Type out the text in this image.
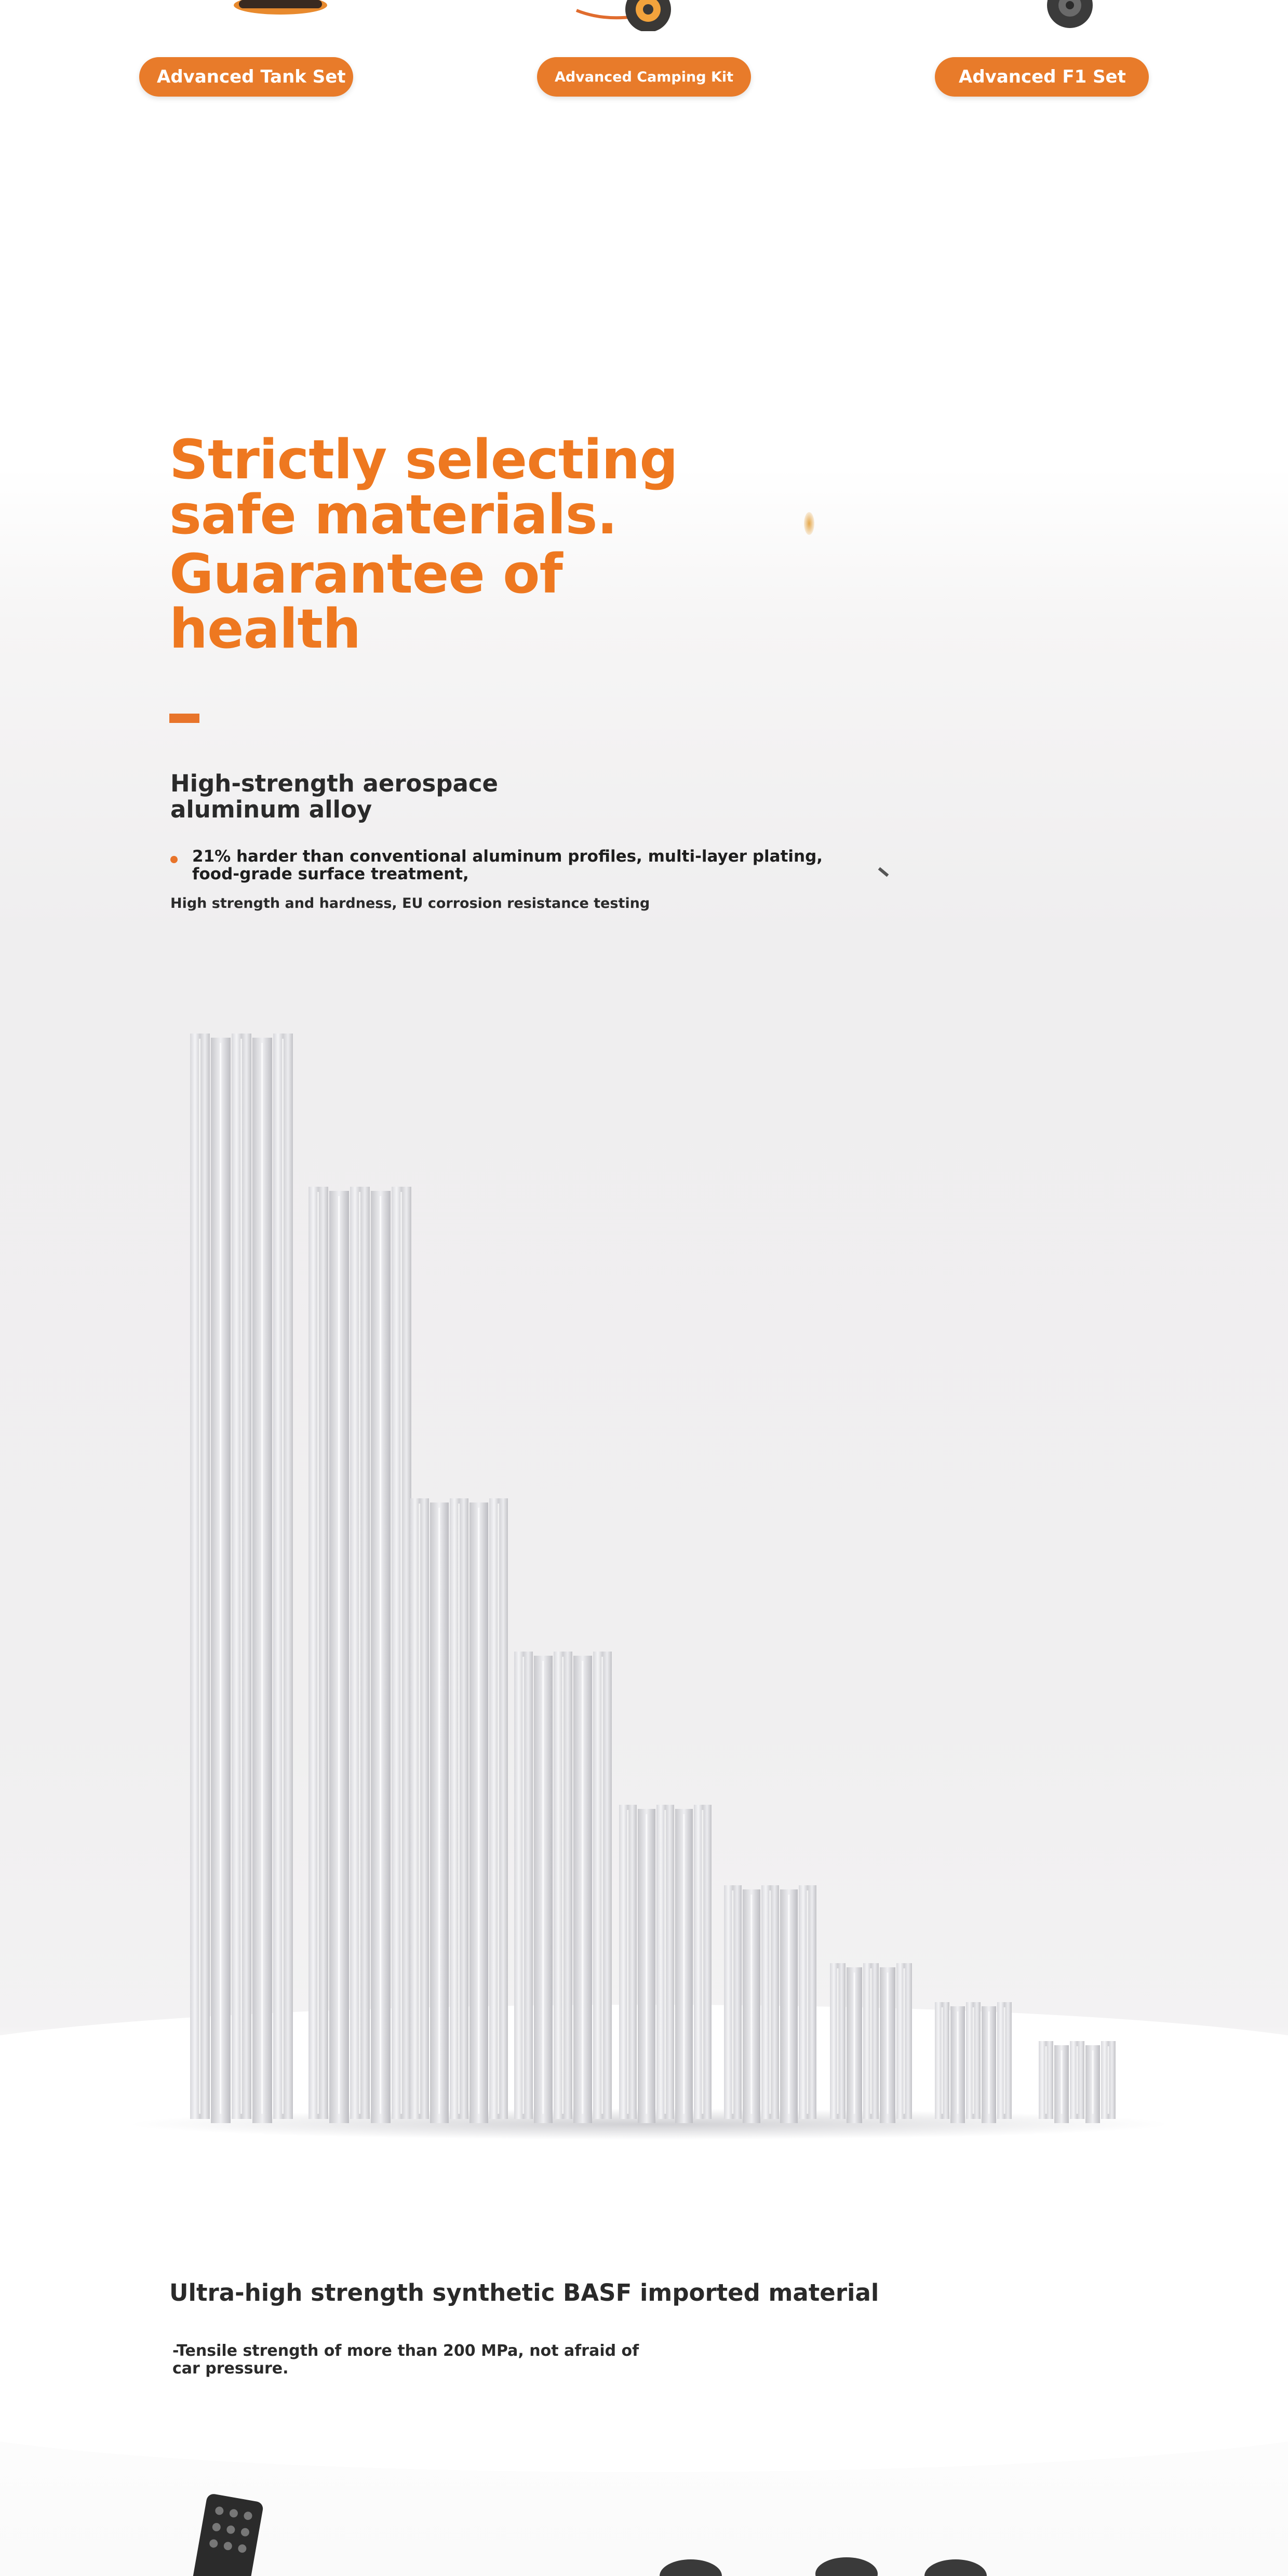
Advanced Tank Set	Advanced Camping Kit	Advanced F1 Set
Strictly selecting safe materials.
Guarantee of health
High-strength aerospace aluminum alloy
21% harder than conventional aluminum profiles, multi-layer plating, food-grade surface treatment,
High strength and hardness, EU corrosion resistance testing
Ultra-high strength synthetic BASF imported material
-Tensile strength of more than 200 MPa, not afraid of car pressure.
